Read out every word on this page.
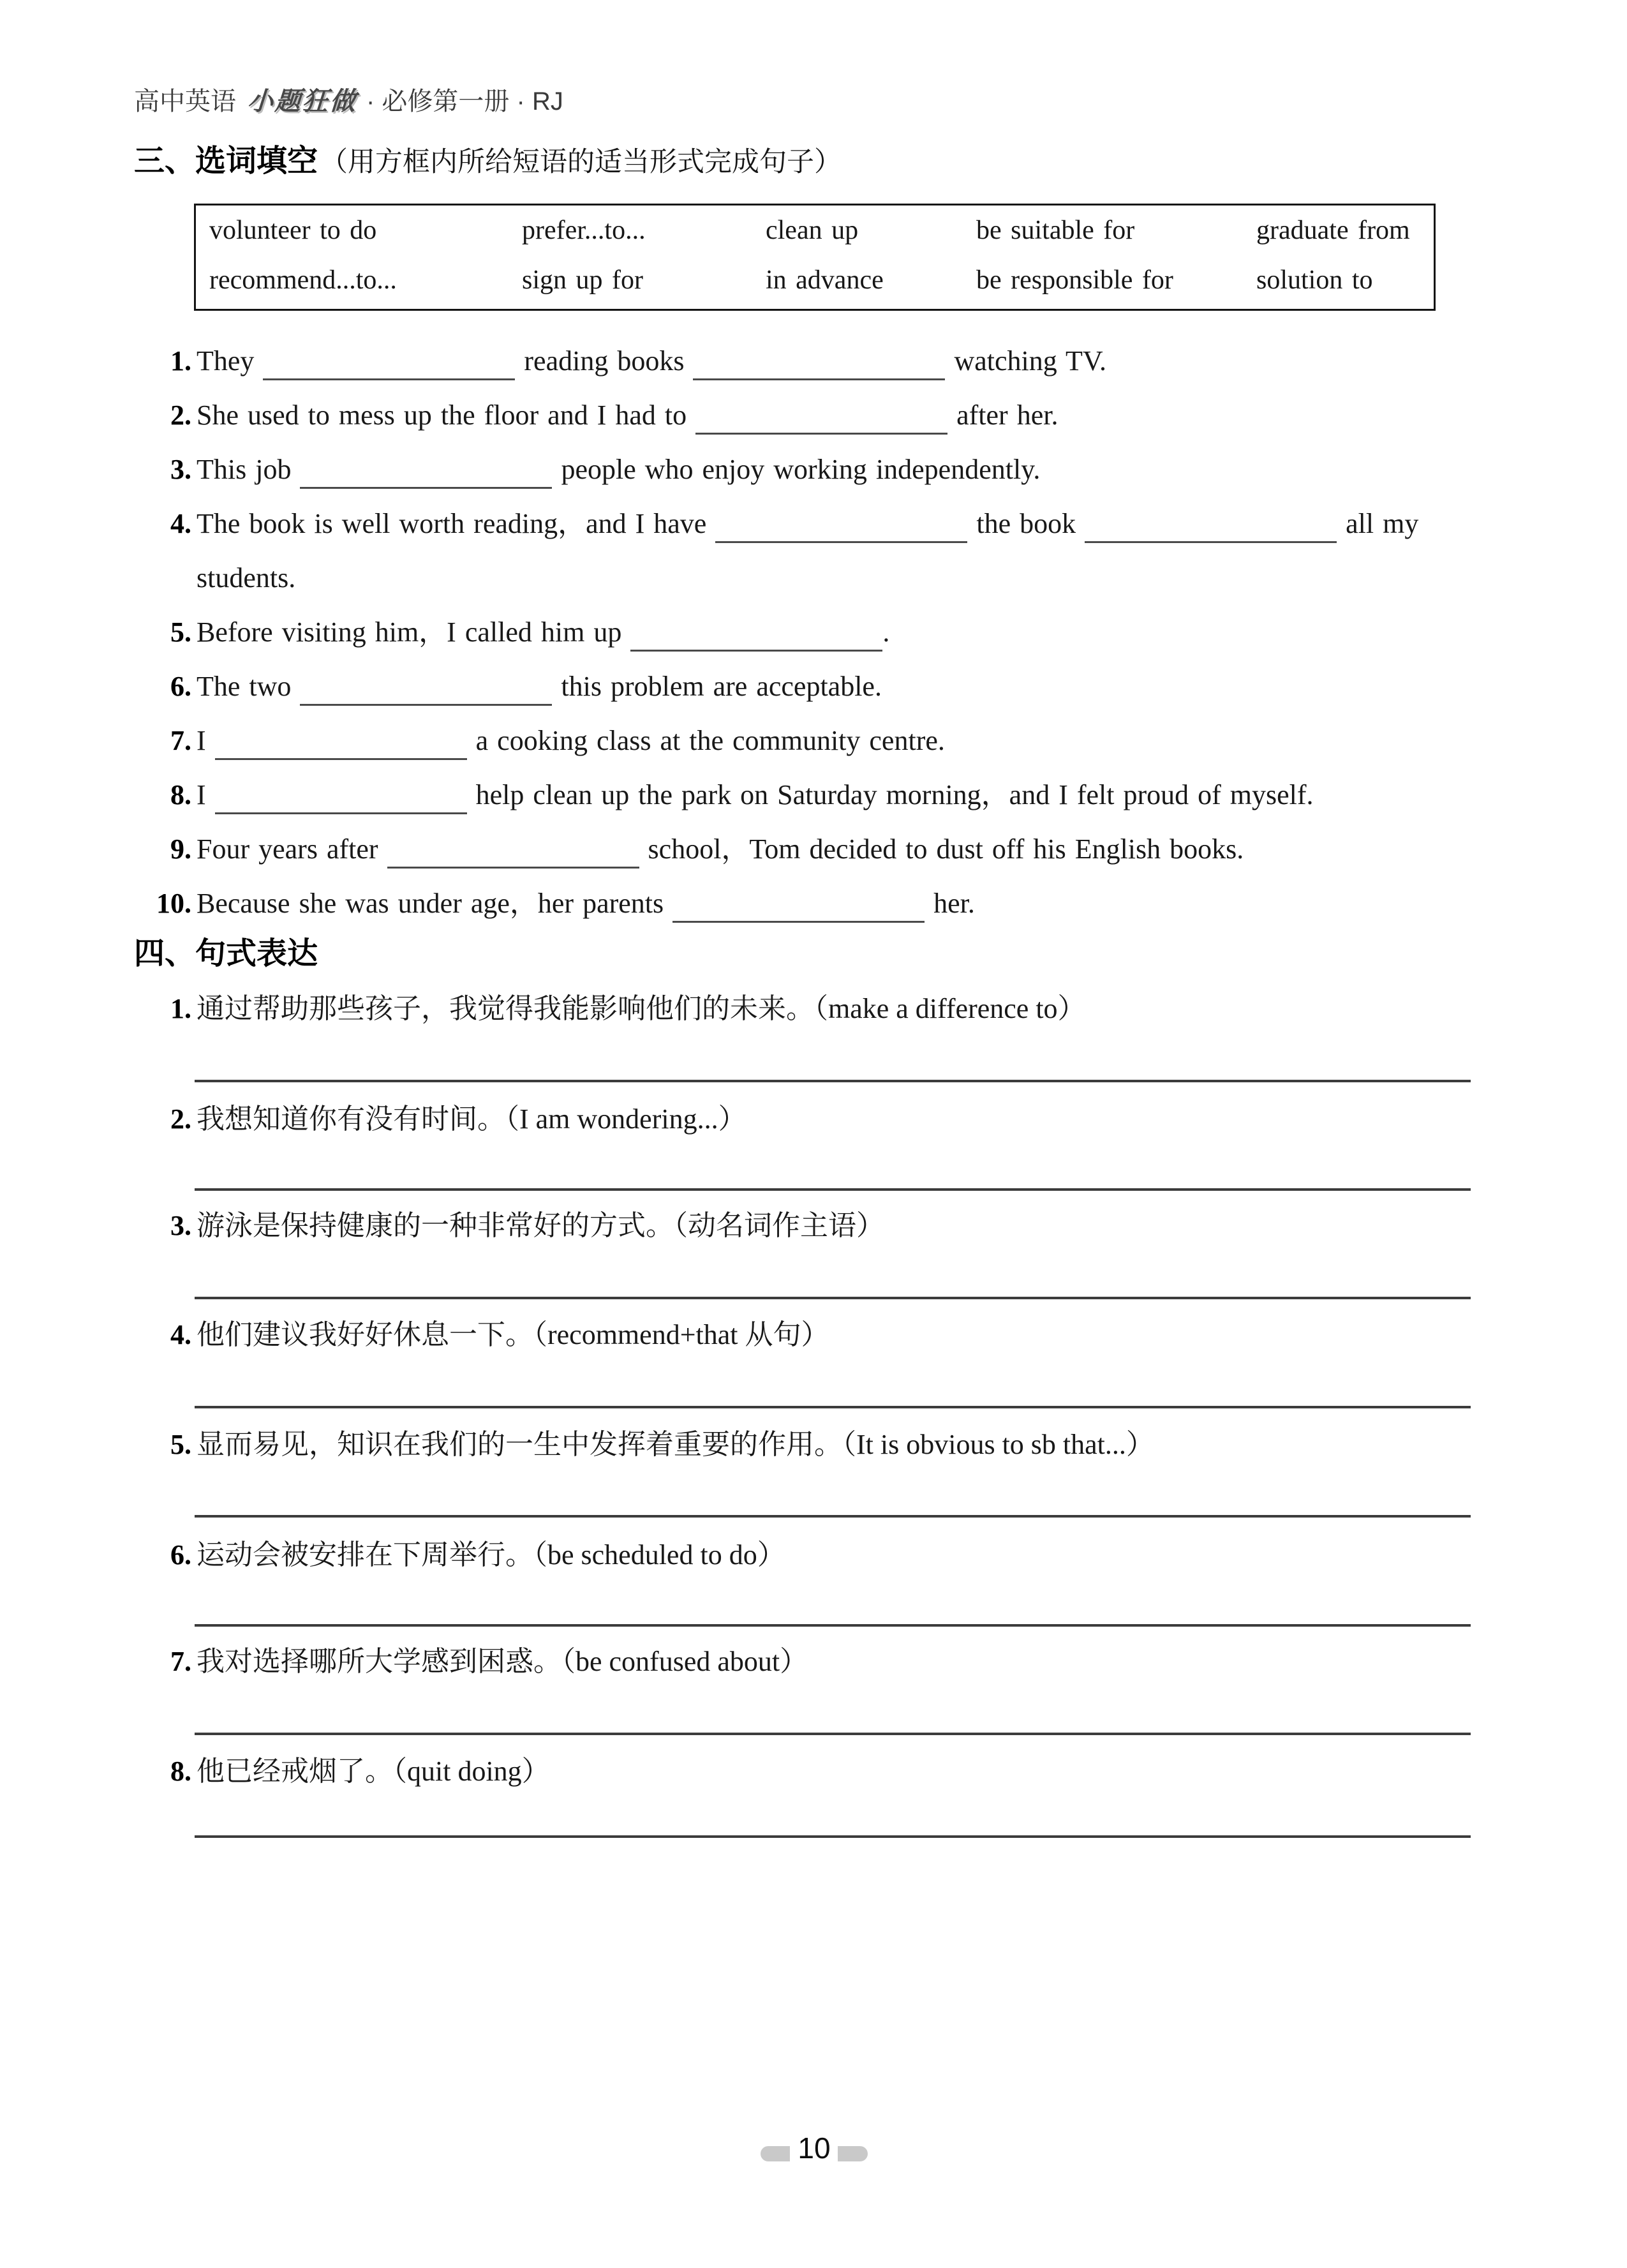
高中英语 小题狂做 · 必修第一册 · RJ
三、选词填空（用方框内所给短语的适当形式完成句子）
volunteer to do	prefer...to...	clean up	be suitable for	graduate from
recommend...to...	sign up for	in advance	be responsible for	solution to
1. They	reading books	watching TV.
2. She used to mess up the floor and I had to	after her.
3. This job	people who enjoy working independently.
4. The book is well worth reading，and I have	the book	all my
students.
5. Before visiting him，I called him up	.
6. The two	this problem are acceptable.
7. I	a cooking class at the community centre.
8. I	help clean up the park on Saturday morning，and I felt proud of myself.
9. Four years after	school，Tom decided to dust off his English books.
10. Because she was under age，her parents	her.
四、句式表达
1. 通过帮助那些孩子，我觉得我能影响他们的未来。（make a difference to）
2. 我想知道你有没有时间。（I am wondering...）
3. 游泳是保持健康的一种非常好的方式。（动名词作主语）
4. 他们建议我好好休息一下。（recommend+that 从句）
5. 显而易见，知识在我们的一生中发挥着重要的作用。（It is obvious to sb that...）
6. 运动会被安排在下周举行。（be scheduled to do）
7. 我对选择哪所大学感到困惑。（be confused about）
8. 他已经戒烟了。（quit doing）
10
